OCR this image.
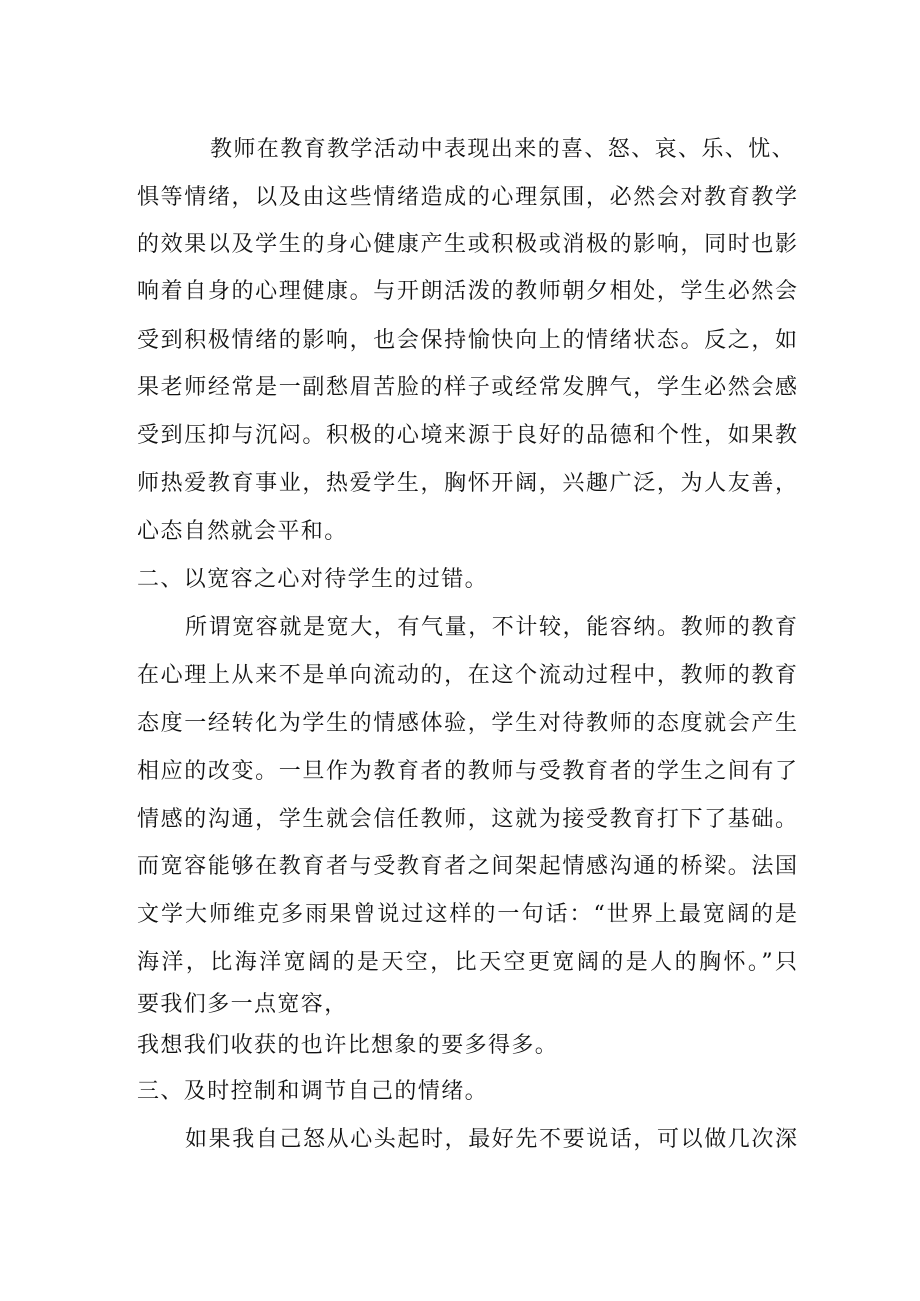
教师在教育教学活动中表现出来的喜、怒、哀、乐、忧、
惧等情绪，以及由这些情绪造成的心理氛围，必然会对教育教学
的效果以及学生的身心健康产生或积极或消极的影响，同时也影
响着自身的心理健康。与开朗活泼的教师朝夕相处，学生必然会
受到积极情绪的影响，也会保持愉快向上的情绪状态。反之，如
果老师经常是一副愁眉苦脸的样子或经常发脾气，学生必然会感
受到压抑与沉闷。积极的心境来源于良好的品德和个性，如果教
师热爱教育事业，热爱学生，胸怀开阔，兴趣广泛，为人友善，
心态自然就会平和。
二、以宽容之心对待学生的过错。
所谓宽容就是宽大，有气量，不计较，能容纳。教师的教育
在心理上从来不是单向流动的，在这个流动过程中，教师的教育
态度一经转化为学生的情感体验，学生对待教师的态度就会产生
相应的改变。一旦作为教育者的教师与受教育者的学生之间有了
情感的沟通，学生就会信任教师，这就为接受教育打下了基础。
而宽容能够在教育者与受教育者之间架起情感沟通的桥梁。法国
文学大师维克多雨果曾说过这样的一句话：“世界上最宽阔的是
海洋，比海洋宽阔的是天空，比天空更宽阔的是人的胸怀。”只
要我们多一点宽容，
我想我们收获的也许比想象的要多得多。
三、及时控制和调节自己的情绪。
如果我自己怒从心头起时，最好先不要说话，可以做几次深
